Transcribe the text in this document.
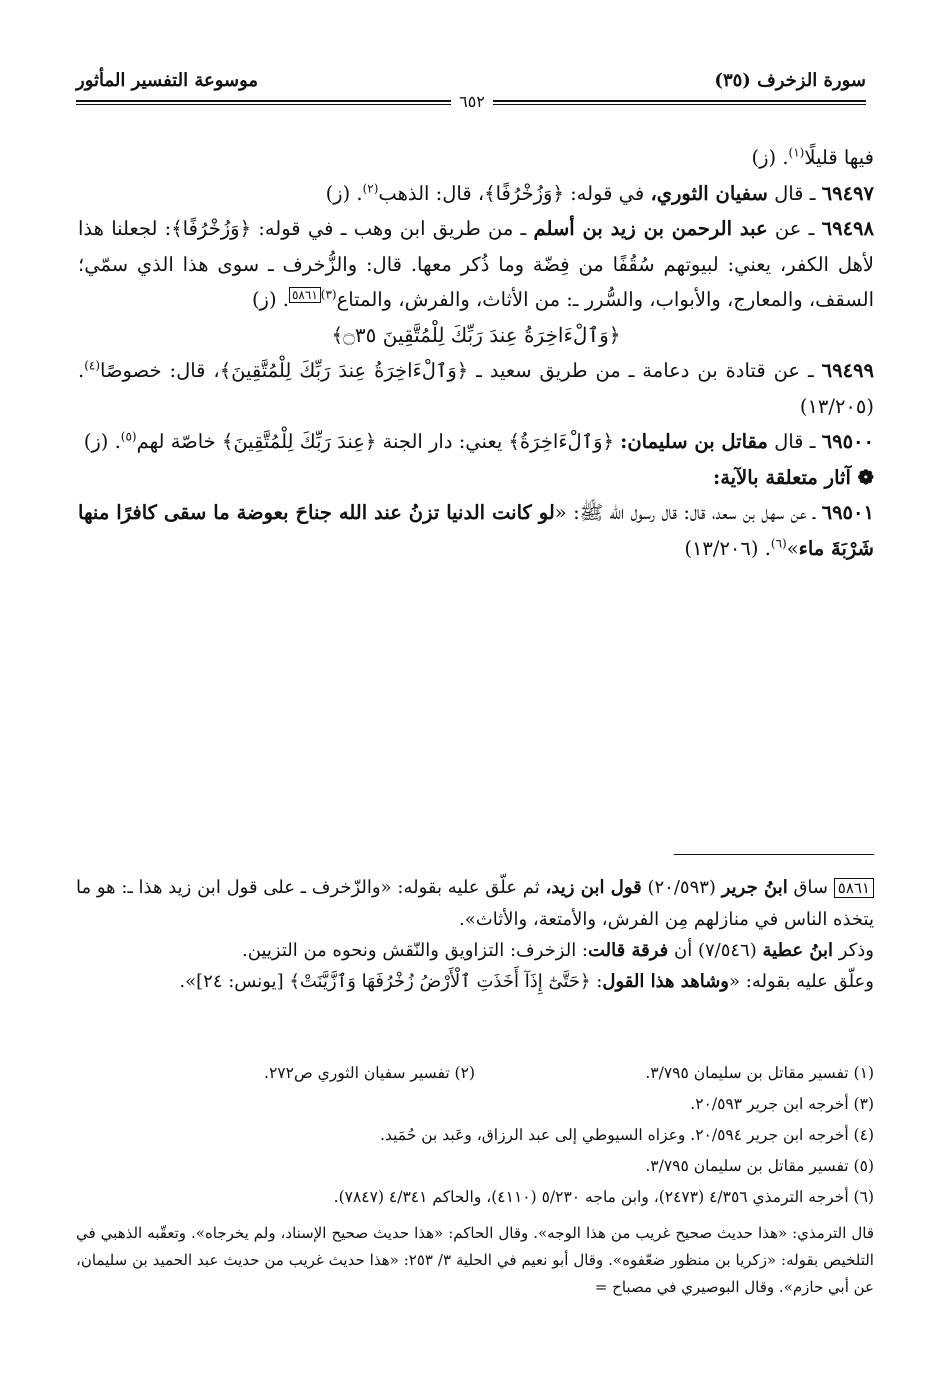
موسوعة التفسير المأثور	سورة الزخرف (٣٥)
٦٥٢

فيها قليلًا$^{(١)}$. (ز)

٦٩٤٩٧ ـ قال سفيان الثوري، في قوله: ﴿وَزُخْرُفًا﴾، قال: الذهب$^{(٢)}$. (ز)

٦٩٤٩٨ ـ عن عبد الرحمن بن زيد بن أسلم ـ من طريق ابن وهب ـ في قوله: ﴿وَزُخْرُفًا﴾: لجعلنا هذا لأهل الكفر، يعني: لبيوتهم سُقُفًا من فِضّة وما ذُكر معها. قال: والزُّخرف ـ سوى هذا الذي سمّي؛ السقف، والمعارج، والأبواب، والسُّرر ـ: من الأثاث، والفرش، والمتاع$^{(٣)٥٨٦١}$. (ز)

﴿وَٱلْءَاخِرَةُ عِندَ رَبِّكَ لِلْمُتَّقِينَ ۝٣٥﴾

٦٩٤٩٩ ـ عن قتادة بن دعامة ـ من طريق سعيد ـ ﴿وَٱلْءَاخِرَةُ عِندَ رَبِّكَ لِلْمُتَّقِينَ﴾، قال: خصوصًا$^{(٤)}$. (١٣/٢٠٥)

٦٩٥٠٠ ـ قال مقاتل بن سليمان: ﴿وَٱلْءَاخِرَةُ﴾ يعني: دار الجنة ﴿عِندَ رَبِّكَ لِلْمُتَّقِينَ﴾ خاصّة لهم$^{(٥)}$. (ز)

❁ آثار متعلقة بالآية:

٦٩٥٠١ ـ عن سهل بن سعد، قال: قال رسول الله ﷺ: «لو كانت الدنيا تزنُ عند الله جناحَ بعوضة ما سقى كافرًا منها شَرْبَةَ ماء»$^{(٦)}$. (١٣/٢٠٦)

٥٨٦١ ساق ابنُ جرير (٢٠/٥٩٣) قول ابن زيد، ثم علّق عليه بقوله: «والزّخرف ـ على قول ابن زيد هذا ـ: هو ما يتخذه الناس في منازلهم مِن الفرش، والأمتعة، والأثاث».

وذكر ابنُ عطية (٧/٥٤٦) أن فرقة قالت: الزخرف: التزاويق والنّقش ونحوه من التزيين.

وعلّق عليه بقوله: «وشاهد هذا القول: ﴿حَتَّىٰٓ إِذَآ أَخَذَتِ ٱلْأَرْضُ زُخْرُفَهَا وَٱزَّيَّنَتْ﴾ [يونس: ٢٤]».

(١) تفسير مقاتل بن سليمان ٣/٧٩٥.
(٢) تفسير سفيان الثوري ص٢٧٢.
(٣) أخرجه ابن جرير ٢٠/٥٩٣.
(٤) أخرجه ابن جرير ٢٠/٥٩٤. وعزاه السيوطي إلى عبد الرزاق، وعَبد بن حُمَيد.
(٥) تفسير مقاتل بن سليمان ٣/٧٩٥.
(٦) أخرجه الترمذي ٤/٣٥٦ (٢٤٧٣)، وابن ماجه ٥/٢٣٠ (٤١١٠)، والحاكم ٤/٣٤١ (٧٨٤٧).

قال الترمذي: «هذا حديث صحيح غريب من هذا الوجه». وقال الحاكم: «هذا حديث صحيح الإسناد، ولم يخرجاه». وتعقّبه الذهبي في التلخيص بقوله: «زكريا بن منظور ضعّفوه». وقال أبو نعيم في الحلية ٣/ ٢٥٣: «هذا حديث غريب من حديث عبد الحميد بن سليمان، عن أبي حازم». وقال البوصيري في مصباح =
